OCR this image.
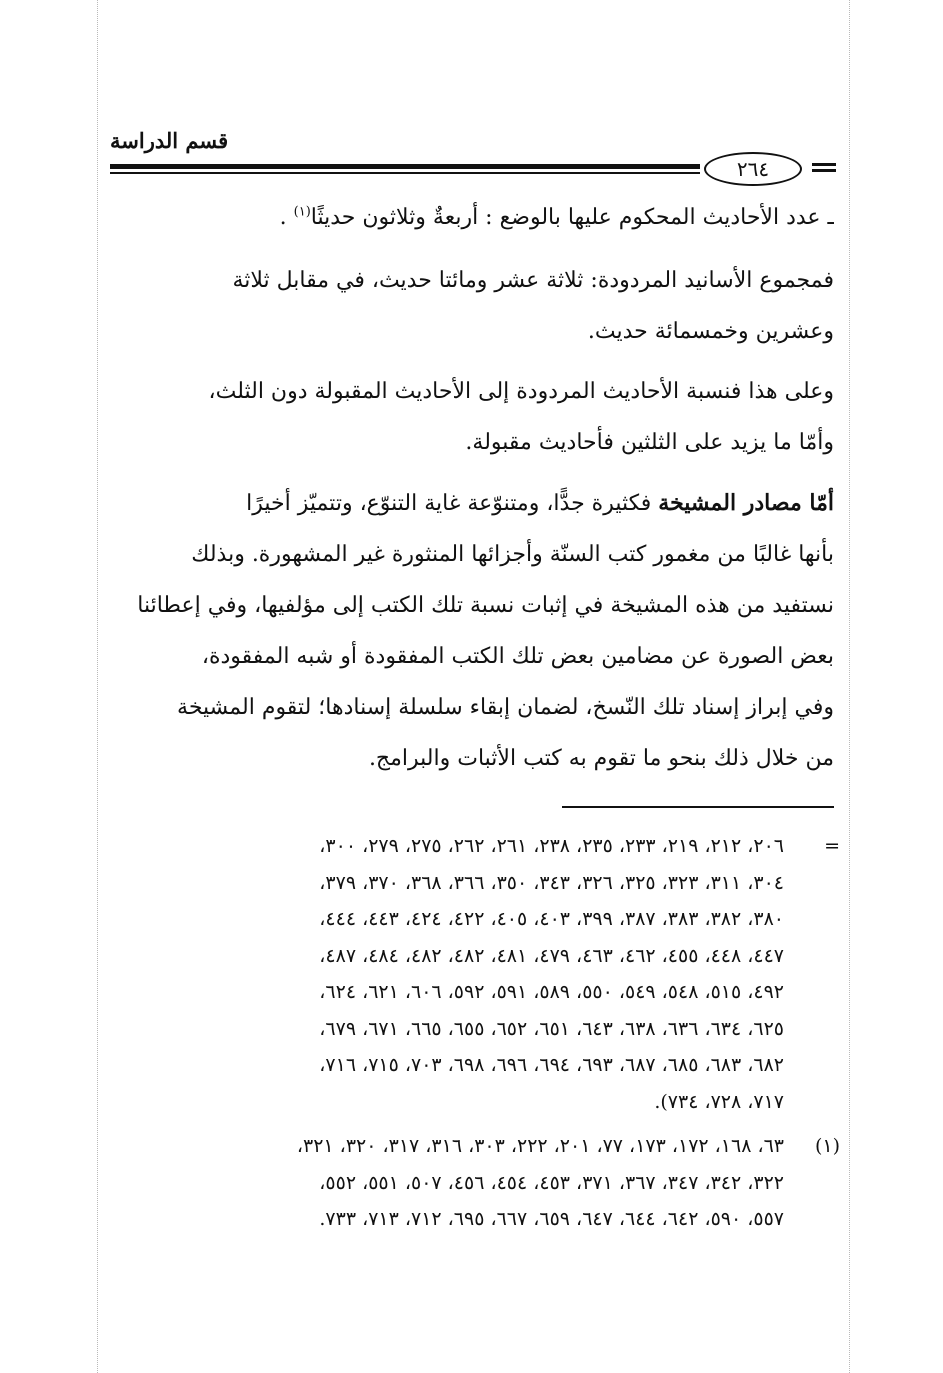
قسم الدراسة
٢٦٤
ـ عدد الأحاديث المحكوم عليها بالوضع : أربعةٌ وثلاثون حديثًا$^{(١)}$ .
فمجموع الأسانيد المردودة: ثلاثة عشر ومائتا حديث، في مقابل ثلاثة
وعشرين وخمسمائة حديث.
وعلى هذا فنسبة الأحاديث المردودة إلى الأحاديث المقبولة دون الثلث،
وأمّا ما يزيد على الثلثين فأحاديث مقبولة.
أمّا مصادر المشيخة فكثيرة جدًّا، ومتنوّعة غاية التنوّع، وتتميّز أخيرًا
بأنها غالبًا من مغمور كتب السنّة وأجزائها المنثورة غير المشهورة. وبذلك
نستفيد من هذه المشيخة في إثبات نسبة تلك الكتب إلى مؤلفيها، وفي إعطائنا
بعض الصورة عن مضامين بعض تلك الكتب المفقودة أو شبه المفقودة،
وفي إبراز إسناد تلك النّسخ، لضمان إبقاء سلسلة إسنادها؛ لتقوم المشيخة
من خلال ذلك بنحو ما تقوم به كتب الأثبات والبرامج.
=
٢٠٦، ٢١٢، ٢١٩، ٢٣٣، ٢٣٥، ٢٣٨، ٢٦١، ٢٦٢، ٢٧٥، ٢٧٩، ٣٠٠،
٣٠٤، ٣١١، ٣٢٣، ٣٢٥، ٣٢٦، ٣٤٣، ٣٥٠، ٣٦٦، ٣٦٨، ٣٧٠، ٣٧٩،
٣٨٠، ٣٨٢، ٣٨٣، ٣٨٧، ٣٩٩، ٤٠٣، ٤٠٥، ٤٢٢، ٤٢٤، ٤٤٣، ٤٤٤،
٤٤٧، ٤٤٨، ٤٥٥، ٤٦٢، ٤٦٣، ٤٧٩، ٤٨١، ٤٨٢، ٤٨٢، ٤٨٤، ٤٨٧،
٤٩٢، ٥١٥، ٥٤٨، ٥٤٩، ٥٥٠، ٥٨٩، ٥٩١، ٥٩٢، ٦٠٦، ٦٢١، ٦٢٤،
٦٢٥، ٦٣٤، ٦٣٦، ٦٣٨، ٦٤٣، ٦٥١، ٦٥٢، ٦٥٥، ٦٦٥، ٦٧١، ٦٧٩،
٦٨٢، ٦٨٣، ٦٨٥، ٦٨٧، ٦٩٣، ٦٩٤، ٦٩٦، ٦٩٨، ٧٠٣، ٧١٥، ٧١٦،
٧١٧، ٧٢٨، ٧٣٤).
(١)
٦٣، ١٦٨، ١٧٢، ١٧٣، ٧٧، ٢٠١، ٢٢٢، ٣٠٣، ٣١٦، ٣١٧، ٣٢٠، ٣٢١،
٣٢٢، ٣٤٢، ٣٤٧، ٣٦٧، ٣٧١، ٤٥٣، ٤٥٤، ٤٥٦، ٥٠٧، ٥٥١، ٥٥٢،
٥٥٧، ٥٩٠، ٦٤٢، ٦٤٤، ٦٤٧، ٦٥٩، ٦٦٧، ٦٩٥، ٧١٢، ٧١٣، ٧٣٣.
